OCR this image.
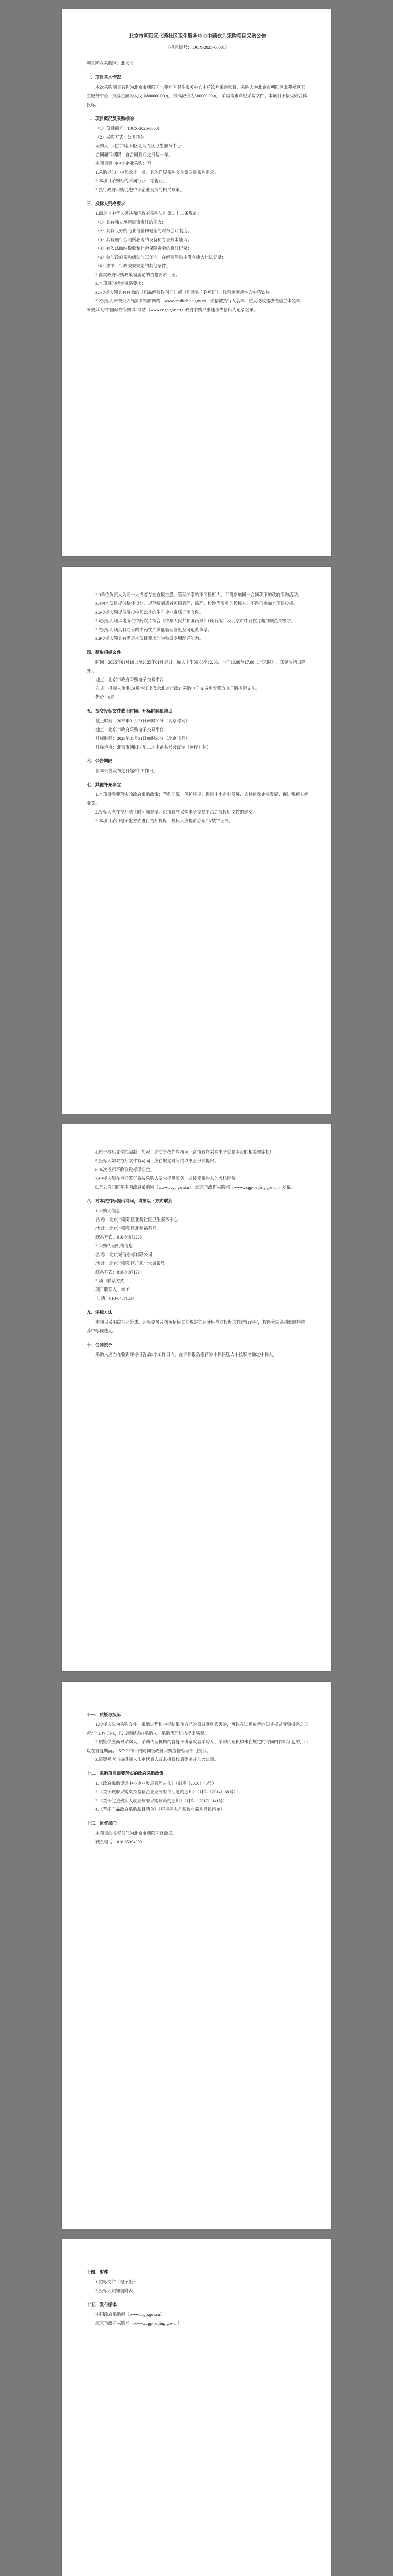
北京市朝阳区北苑社区卫生服务中心中药饮片采购项目采购公告
（招标编号：TJCX-2025-00001）
项目所在采购区：北京市
一、项目基本情况
本次采购项目名称为北京市朝阳区北苑社区卫生服务中心中药饮片采购项目，采购人为北京市朝阳区北苑社区卫生服务中心，预算金额为人民币800000.00元，最高限价为800000.00元，采购需求详见采购文件。本项目不接受联合体投标。
二、项目概况及采购标的
（1）项目编号：TJCX-2025-00001
（2）采购方式：公开招标
采购人：北京市朝阳区北苑社区卫生服务中心
合同履行期限：自合同签订之日起一年。
本项目面向中小企业采购：否
1.采购标的：中药饮片一批，具体详见采购文件第四章采购需求。
2.本项目采购标的所属行业：零售业。
3.执行政府采购促进中小企业发展的相关政策。
三、投标人资格要求
1.满足《中华人民共和国政府采购法》第二十二条规定；
（1）具有独立承担民事责任的能力；
（2）具有良好的商业信誉和健全的财务会计制度；
（3）具有履行合同所必需的设备和专业技术能力；
（4）有依法缴纳税收和社会保障资金的良好记录；
（5）参加政府采购活动前三年内，在经营活动中没有重大违法记录；
（6）法律、行政法规规定的其他条件。
2.落实政府采购政策需满足的资格要求：无。
3.本项目的特定资格要求：
3.1投标人须具有有效的《药品经营许可证》或《药品生产许可证》，经营范围须包含中药饮片。
3.2投标人未被列入“信用中国”网站（www.creditchina.gov.cn）失信被执行人名单、重大税收违法失信主体名单，未被列入“中国政府采购网”网站（www.ccgp.gov.cn）政府采购严重违法失信行为记录名单。
3.3单位负责人为同一人或者存在直接控股、管理关系的不同投标人，不得参加同一合同项下的政府采购活动。
3.4为本项目提供整体设计、规范编制或者项目管理、监理、检测等服务的投标人，不得再参加本项目投标。
3.5投标人须提供所投中药饮片的生产企业资质证明文件。
3.6投标人须承诺所供中药饮片符合《中华人民共和国药典》（现行版）及北京市中药饮片炮制规范的要求。
3.7投标人须具有完善的中药饮片质量管理制度及可追溯体系。
3.8投标人须具有满足本项目要求的冷链或专用配送能力。
四、获取招标文件
时间：2025年01月10日至2025年01月17日，每天上午09:00至12:00，下午13:00至17:00（北京时间，法定节假日除外）。
地点：北京市政府采购电子交易平台
方式：投标人使用CA数字证书登录北京市政府采购电子交易平台获取电子版招标文件。
售价：0元
五、提交投标文件截止时间、开标时间和地点
截止时间：2025年01月31日09时30分（北京时间）
地点：北京市政府采购电子交易平台
开标时间：2025年01月31日09时30分（北京时间）
开标地点：北京市朝阳区东三环中路某号会议室（远程开标）
六、公告期限
自本公告发布之日起5个工作日。
七、其他补充事宜
1.本项目需要落实的政府采购政策：节约能源、保护环境、促进中小企业发展、支持监狱企业发展、促进残疾人就业等。
2.投标人应在投标截止时间前登录北京市政府采购电子交易平台完成投标文件的递交。
3.本项目采用电子化方式进行招标投标，投标人应提前办理CA数字证书。
4.电子投标文件的编制、加密、递交等操作应按照北京市政府采购电子交易平台的相关规定执行。
5.投标人如对招标文件有疑问，应在规定时间内以书面形式提出。
6.本次招标不收取投标保证金。
7.中标人须在合同签订后按采购人要求提供服务，并接受采购人的考核评价。
8.本公告同时在中国政府采购网（www.ccgp.gov.cn）、北京市政府采购网（www.ccgp-beijing.gov.cn）发布。
八、对本次招标提出询问，请按以下方式联系
1.采购人信息
名 称：北京市朝阳区北苑社区卫生服务中心
地 址：北京市朝阳区北苑路某号
联系方式：010-84872226
2.采购代理机构信息
名 称：北京诚信招标有限公司
地 址：北京市朝阳区广顺北大街某号
联系方式：010-84871234
3.项目联系方式
项目联系人：李工
电 话：010-84871234
九、评标方法
本项目采用综合评分法。评标委员会按照招标文件规定的评分标准对投标文件进行评审，按得分由高到低顺序推荐中标候选人。
十、合同授予
采购人应当在收到评标报告后5个工作日内，在评标报告推荐的中标候选人中按顺序确定中标人。
十一、质疑与投诉
1.投标人认为采购文件、采购过程和中标结果使自己的权益受到损害的，可以在知道或者应知其权益受到损害之日起7个工作日内，以书面形式向采购人、采购代理机构提出质疑。
2.质疑供应商对采购人、采购代理机构的答复不满意或者采购人、采购代理机构未在规定的时间内作出答复的，可以在答复期满后15个工作日内向同级政府采购监督管理部门投诉。
3.质疑函应当由投标人法定代表人或其授权代表签字并加盖公章。
十二、采购项目需要落实的政府采购政策
1.《政府采购促进中小企业发展管理办法》（财库〔2020〕46号）
2.《关于政府采购支持监狱企业发展有关问题的通知》（财库〔2014〕68号）
3.《关于促进残疾人就业政府采购政策的通知》（财库〔2017〕141号）
4.《节能产品政府采购品目清单》《环境标志产品政府采购品目清单》
十三、监督部门
本项目的监督部门为北京市朝阳区财政局。
联系电话：010-65094300
十四、附件
1.招标文件（电子版）
2.投标人须知前附表
十五、发布媒体
中国政府采购网（www.ccgp.gov.cn）
北京市政府采购网（www.ccgp-beijing.gov.cn）
